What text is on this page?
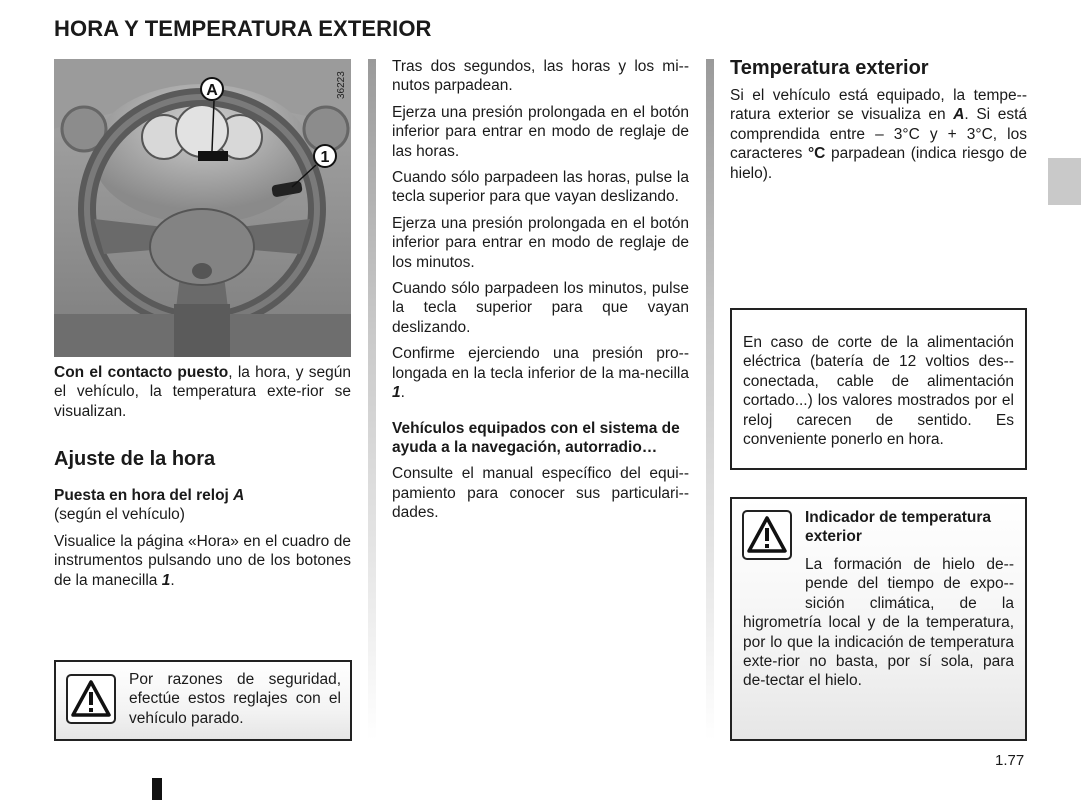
HORA Y TEMPERATURA EXTERIOR
36223
A
1

Con el contacto puesto, la hora, y según el vehículo, la temperatura exte-rior se visualizan.

Ajuste de la hora

Puesta en hora del reloj A
(según el vehículo)

Visualice la página «Hora» en el cuadro de instrumentos pulsando uno de los botones de la manecilla 1.

Por razones de seguridad, efectúe estos reglajes con el vehículo parado.

Tras dos segundos, las horas y los mi-nutos parpadean.

Ejerza una presión prolongada en el botón inferior para entrar en modo de reglaje de las horas.

Cuando sólo parpadeen las horas, pulse la tecla superior para que vayan deslizando.

Ejerza una presión prolongada en el botón inferior para entrar en modo de reglaje de los minutos.

Cuando sólo parpadeen los minutos, pulse la tecla superior para que vayan deslizando.

Confirme ejerciendo una presión pro-longada en la tecla inferior de la ma-necilla 1.

Vehículos equipados con el sistema de ayuda a la navegación, autorradio…

Consulte el manual específico del equi-pamiento para conocer sus particulari-dades.

Temperatura exterior

Si el vehículo está equipado, la tempe-ratura exterior se visualiza en A. Si está comprendida entre – 3°C y + 3°C, los caracteres °C parpadean (indica riesgo de hielo).

En caso de corte de la alimentación eléctrica (batería de 12 voltios des-conectada, cable de alimentación cortado...) los valores mostrados por el reloj carecen de sentido. Es conveniente ponerlo en hora.
Indicador de temperatura exterior
La formación de hielo de-pende del tiempo de expo-sición climática, de la higrometría local y de la temperatura, por lo que la indicación de temperatura exte-rior no basta, por sí sola, para de-tectar el hielo.
1.77
